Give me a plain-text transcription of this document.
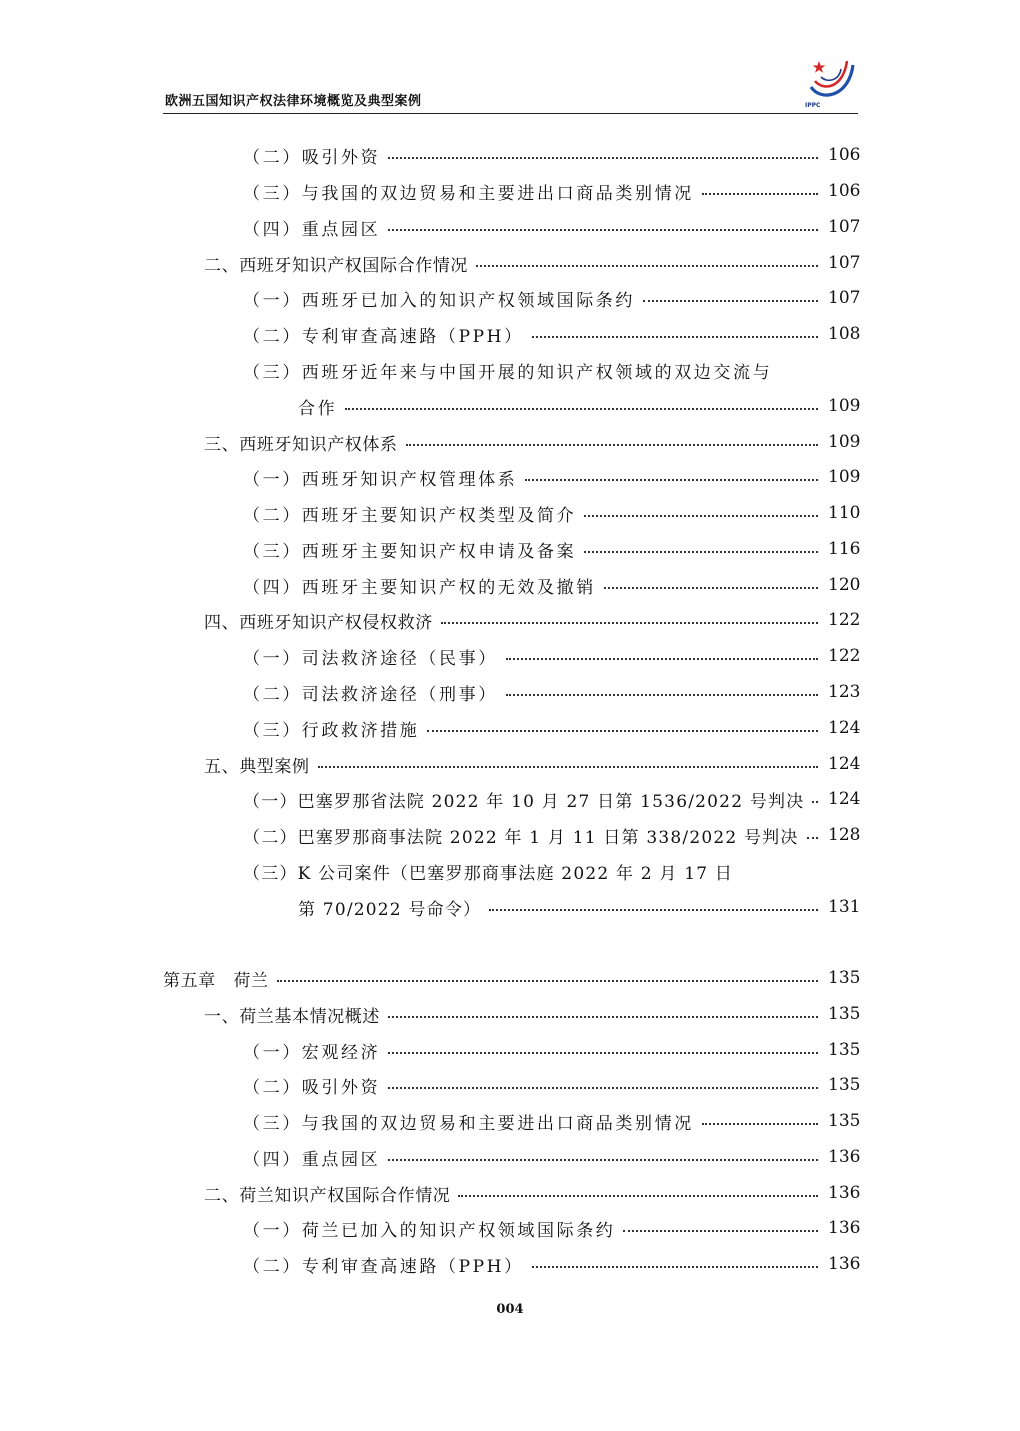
欧洲五国知识产权法律环境概览及典型案例	IPPC
（二）吸引外资	106
（三）与我国的双边贸易和主要进出口商品类别情况	106
（四）重点园区	107
二、西班牙知识产权国际合作情况	107
（一）西班牙已加入的知识产权领域国际条约	107
（二）专利审查高速路（PPH）	108
（三）西班牙近年来与中国开展的知识产权领域的双边交流与
合作	109
三、西班牙知识产权体系	109
（一）西班牙知识产权管理体系	109
（二）西班牙主要知识产权类型及简介	110
（三）西班牙主要知识产权申请及备案	116
（四）西班牙主要知识产权的无效及撤销	120
四、西班牙知识产权侵权救济	122
（一）司法救济途径（民事）	122
（二）司法救济途径（刑事）	123
（三）行政救济措施	124
五、典型案例	124
（一）巴塞罗那省法院 2022 年 10 月 27 日第 1536/2022 号判决 124
（二）巴塞罗那商事法院 2022 年 1 月 11 日第 338/2022 号判决 128
（三）K 公司案件（巴塞罗那商事法庭 2022 年 2 月 17 日
第 70/2022 号命令）	131
第五章　荷兰	135
一、荷兰基本情况概述	135
（一）宏观经济	135
（二）吸引外资	135
（三）与我国的双边贸易和主要进出口商品类别情况	135
（四）重点园区	136
二、荷兰知识产权国际合作情况	136
（一）荷兰已加入的知识产权领域国际条约	136
（二）专利审查高速路（PPH）	136
004
